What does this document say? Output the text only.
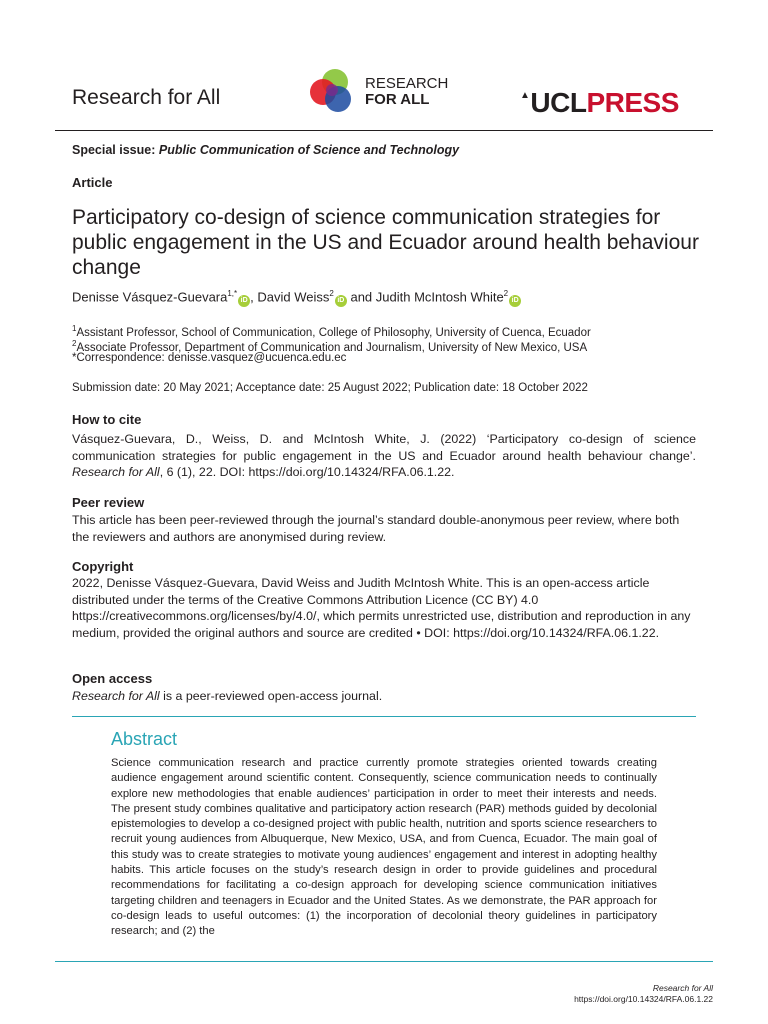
Research for All
RESEARCH
FOR ALL	▲UCLPRESS
Special issue: Public Communication of Science and Technology
Article
Participatory co-design of science communication strategies for public engagement in the US and Ecuador around health behaviour change
Denisse Vásquez-Guevara$^{1,*}$iD , David Weiss$^2$iD and Judith McIntosh White$^2$iD
$^1$Assistant Professor, School of Communication, College of Philosophy, University of Cuenca, Ecuador
$^2$Associate Professor, Department of Communication and Journalism, University of New Mexico, USA
*Correspondence: denisse.vasquez@ucuenca.edu.ec
Submission date: 20 May 2021; Acceptance date: 25 August 2022; Publication date: 18 October 2022
How to cite
Vásquez-Guevara, D., Weiss, D. and McIntosh White, J. (2022) ‘Participatory co-design of science communication strategies for public engagement in the US and Ecuador around health behaviour change’. Research for All, 6 (1), 22. DOI: https://doi.org/10.14324/RFA.06.1.22.
Peer review
This article has been peer-reviewed through the journal’s standard double-anonymous peer review, where both the reviewers and authors are anonymised during review.
Copyright
2022, Denisse Vásquez-Guevara, David Weiss and Judith McIntosh White. This is an open-access article distributed under the terms of the Creative Commons Attribution Licence (CC BY) 4.0 https://creativecommons.org/licenses/by/4.0/, which permits unrestricted use, distribution and reproduction in any medium, provided the original authors and source are credited • DOI: https://doi.org/10.14324/RFA.06.1.22.
Open access
Research for All is a peer-reviewed open-access journal.
Abstract
Science communication research and practice currently promote strategies oriented towards creating audience engagement around scientific content. Consequently, science communication needs to continually explore new methodologies that enable audiences’ participation in order to meet their interests and needs. The present study combines qualitative and participatory action research (PAR) methods guided by decolonial epistemologies to develop a co-designed project with public health, nutrition and sports science researchers to recruit young audiences from Albuquerque, New Mexico, USA, and from Cuenca, Ecuador. The main goal of this study was to create strategies to motivate young audiences’ engagement and interest in adopting healthy habits. This article focuses on the study’s research design in order to provide guidelines and procedural recommendations for facilitating a co-design approach for developing science communication initiatives targeting children and teenagers in Ecuador and the United States. As we demonstrate, the PAR approach for co-design leads to useful outcomes: (1) the incorporation of decolonial theory guidelines in participatory research; and (2) the
Research for All
https://doi.org/10.14324/RFA.06.1.22
